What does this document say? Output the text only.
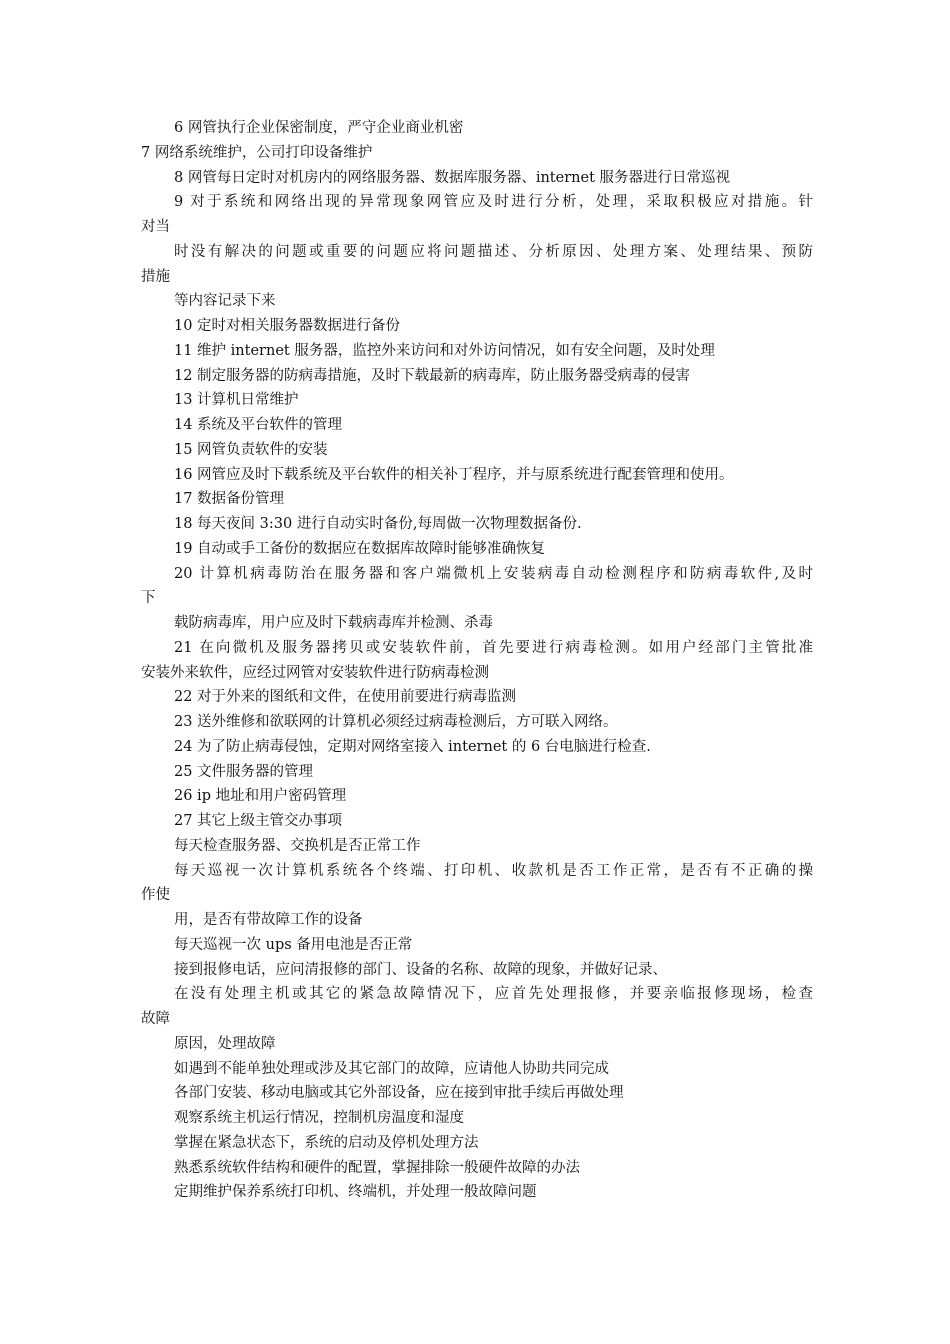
6 网管执行企业保密制度，严守企业商业机密
7 网络系统维护，公司打印设备维护
8 网管每日定时对机房内的网络服务器、数据库服务器、internet 服务器进行日常巡视
9 对于系统和网络出现的异常现象网管应及时进行分析，处理，采取积极应对措施。针
对当
时没有解决的问题或重要的问题应将问题描述、分析原因、处理方案、处理结果、预防
措施
等内容记录下来
10 定时对相关服务器数据进行备份
11 维护 internet 服务器，监控外来访问和对外访问情况，如有安全问题，及时处理
12 制定服务器的防病毒措施，及时下载最新的病毒库，防止服务器受病毒的侵害
13 计算机日常维护
14 系统及平台软件的管理
15 网管负责软件的安装
16 网管应及时下载系统及平台软件的相关补丁程序，并与原系统进行配套管理和使用。
17 数据备份管理
18 每天夜间 3:30 进行自动实时备份,每周做一次物理数据备份.
19 自动或手工备份的数据应在数据库故障时能够准确恢复
20 计算机病毒防治在服务器和客户端微机上安装病毒自动检测程序和防病毒软件,及时
下
载防病毒库，用户应及时下载病毒库并检测、杀毒
21 在向微机及服务器拷贝或安装软件前，首先要进行病毒检测。如用户经部门主管批准
安装外来软件，应经过网管对安装软件进行防病毒检测
22 对于外来的图纸和文件，在使用前要进行病毒监测
23 送外维修和欲联网的计算机必须经过病毒检测后，方可联入网络。
24 为了防止病毒侵蚀，定期对网络室接入 internet 的 6 台电脑进行检查.
25 文件服务器的管理
26 ip 地址和用户密码管理
27 其它上级主管交办事项
每天检查服务器、交换机是否正常工作
每天巡视一次计算机系统各个终端、打印机、收款机是否工作正常，是否有不正确的操
作使
用，是否有带故障工作的设备
每天巡视一次 ups 备用电池是否正常
接到报修电话，应问清报修的部门、设备的名称、故障的现象，并做好记录、
在没有处理主机或其它的紧急故障情况下，应首先处理报修，并要亲临报修现场，检查
故障
原因，处理故障
如遇到不能单独处理或涉及其它部门的故障，应请他人协助共同完成
各部门安装、移动电脑或其它外部设备，应在接到审批手续后再做处理
观察系统主机运行情况，控制机房温度和湿度
掌握在紧急状态下，系统的启动及停机处理方法
熟悉系统软件结构和硬件的配置，掌握排除一般硬件故障的办法
定期维护保养系统打印机、终端机，并处理一般故障问题
